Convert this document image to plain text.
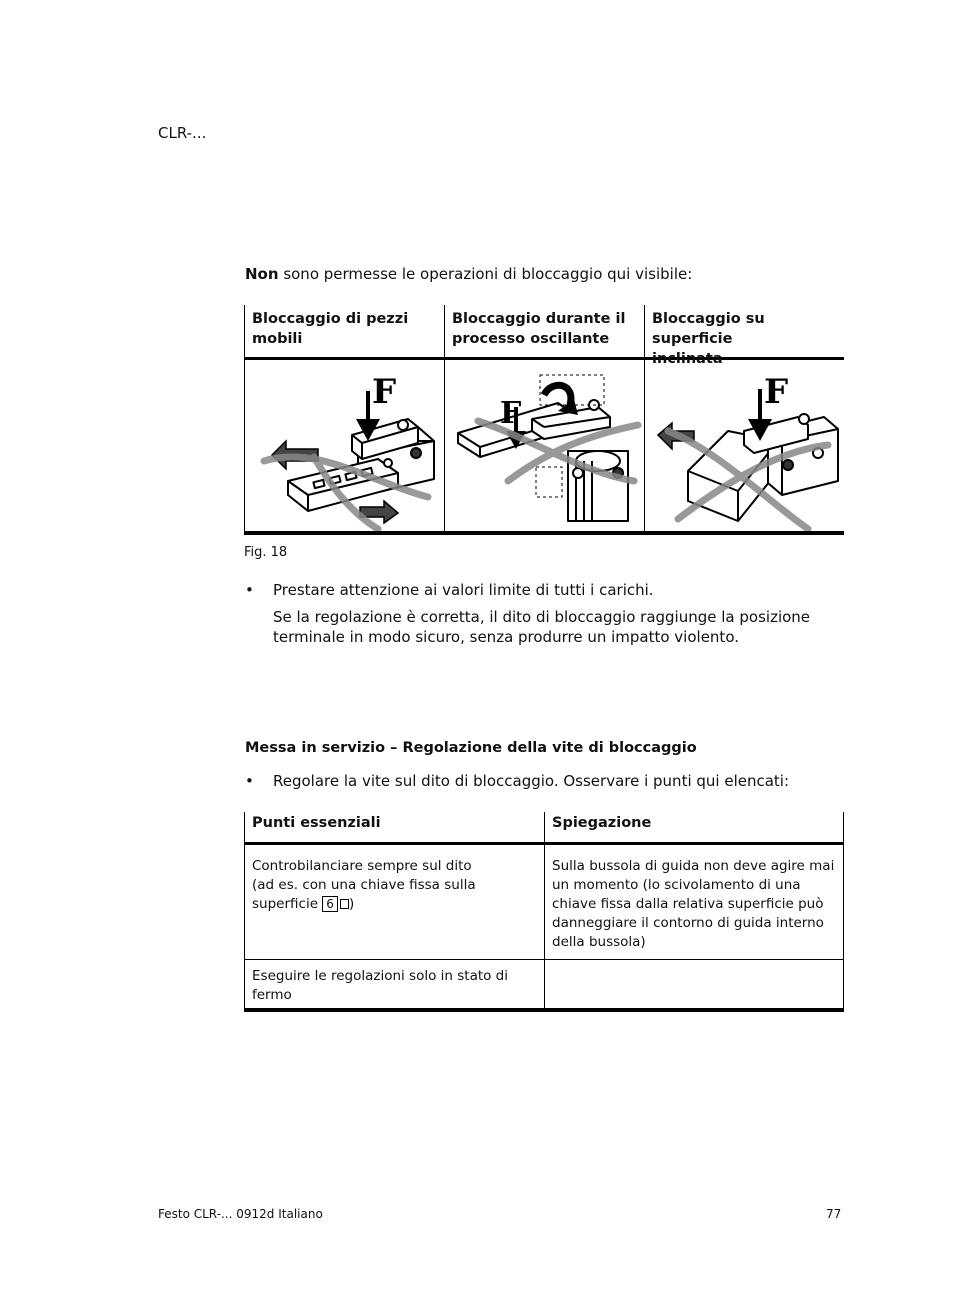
CLR-...
Non sono permesse le operazioni di bloccaggio qui visibile:
Bloccaggio di pezzi
mobili
Bloccaggio durante il
processo oscillante
Bloccaggio su superficie
inclinata
F
F
F
Fig. 18
• Prestare attenzione ai valori limite di tutti i carichi.
Se la regolazione è corretta, il dito di bloccaggio raggiunge la posizione
terminale in modo sicuro, senza produrre un impatto violento.
Messa in servizio – Regolazione della vite di bloccaggio
• Regolare la vite sul dito di bloccaggio. Osservare i punti qui elencati:
Punti essenziali	Spiegazione
Controbilanciare sempre sul dito
(ad es. con una chiave fissa sulla
superficie 6 )
Sulla bussola di guida non deve agire mai
un momento (lo scivolamento di una
chiave fissa dalla relativa superficie può
danneggiare il contorno di guida interno
della bussola)
Eseguire le regolazioni solo in stato di
fermo
Festo CLR-... 0912d Italiano	77
